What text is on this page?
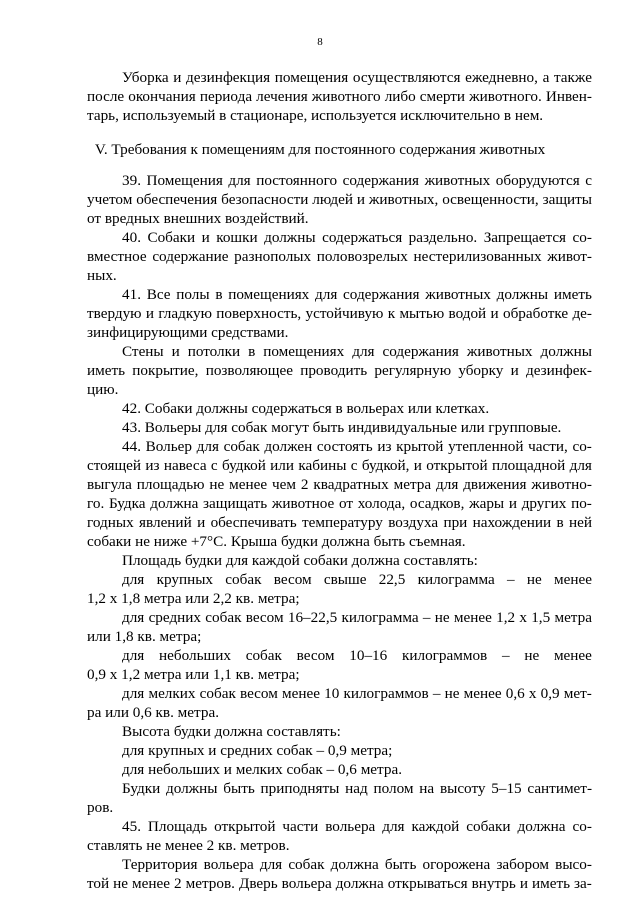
8
V. Требования к помещениям для постоянного содержания животных
Уборка и дезинфекция помещения осуществляются ежедневно, а также
после окончания периода лечения животного либо смерти животного. Инвен-
тарь, используемый в стационаре, используется исключительно в нем.
39. Помещения для постоянного содержания животных оборудуются с
учетом обеспечения безопасности людей и животных, освещенности, защиты
от вредных внешних воздействий.
40. Собаки и кошки должны содержаться раздельно. Запрещается со-
вместное содержание разнополых половозрелых нестерилизованных живот-
ных.
41. Все полы в помещениях для содержания животных должны иметь
твердую и гладкую поверхность, устойчивую к мытью водой и обработке де-
зинфицирующими средствами.
Стены и потолки в помещениях для содержания животных должны
иметь покрытие, позволяющее проводить регулярную уборку и дезинфек-
цию.
42. Собаки должны содержаться в вольерах или клетках.
43. Вольеры для собак могут быть индивидуальные или групповые.
44. Вольер для собак должен состоять из крытой утепленной части, со-
стоящей из навеса с будкой или кабины с будкой, и открытой площадной для
выгула площадью не менее чем 2 квадратных метра для движения животно-
го. Будка должна защищать животное от холода, осадков, жары и других по-
годных явлений и обеспечивать температуру воздуха при нахождении в ней
собаки не ниже +7°С. Крыша будки должна быть съемная.
Площадь будки для каждой собаки должна составлять:
для крупных собак весом свыше 22,5 килограмма – не менее
1,2 х 1,8 метра или 2,2 кв. метра;
для средних собак весом 16–22,5 килограмма – не менее 1,2 х 1,5 метра
или 1,8 кв. метра;
для небольших собак весом 10–16 килограммов – не менее
0,9 х 1,2 метра или 1,1 кв. метра;
для мелких собак весом менее 10 килограммов – не менее 0,6 х 0,9 мет-
ра или 0,6 кв. метра.
Высота будки должна составлять:
для крупных и средних собак – 0,9 метра;
для небольших и мелких собак – 0,6 метра.
Будки должны быть приподняты над полом на высоту 5–15 сантимет-
ров.
45. Площадь открытой части вольера для каждой собаки должна со-
ставлять не менее 2 кв. метров.
Территория вольера для собак должна быть огорожена забором высо-
той не менее 2 метров. Дверь вольера должна открываться внутрь и иметь за-
